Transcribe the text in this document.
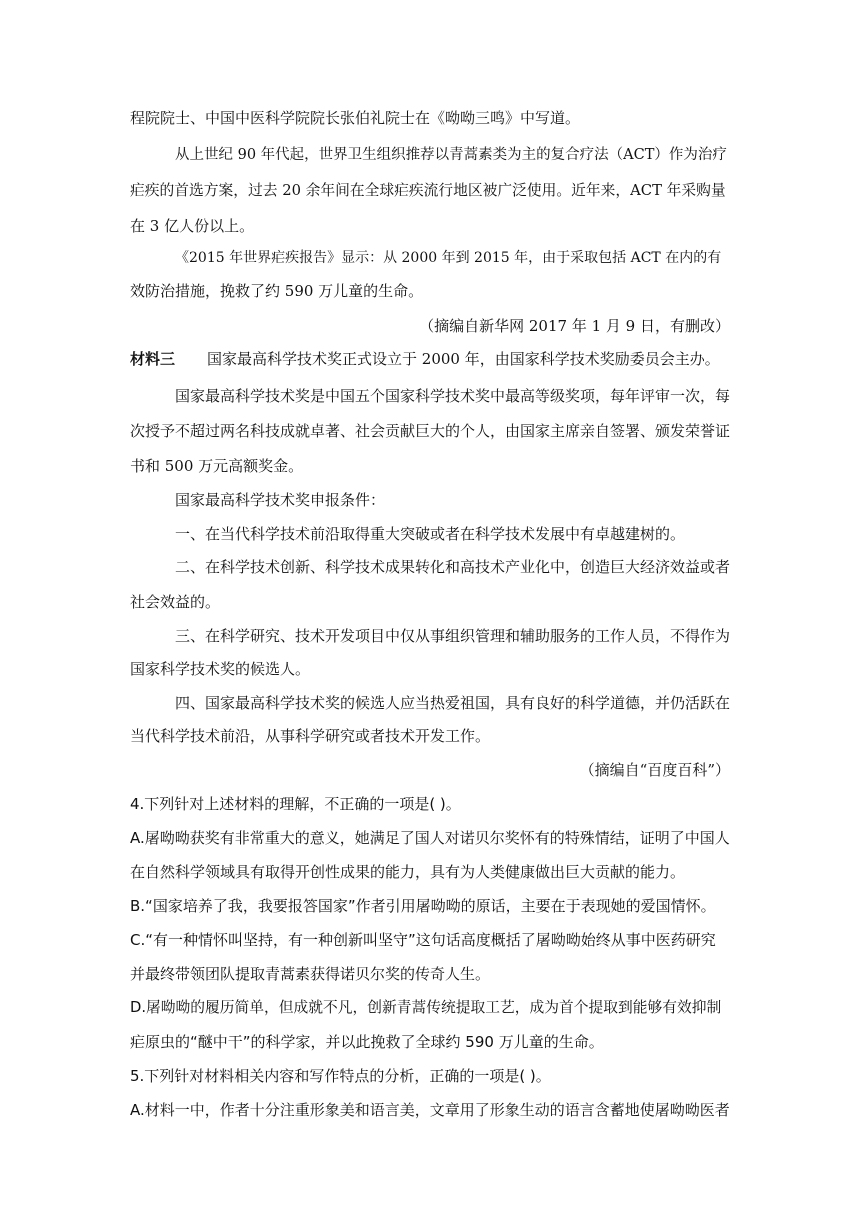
程院院士、中国中医科学院院长张伯礼院士在《呦呦三鸣》中写道。
从上世纪 90 年代起，世界卫生组织推荐以青蒿素类为主的复合疗法（ACT）作为治疗
疟疾的首选方案，过去 20 余年间在全球疟疾流行地区被广泛使用。近年来，ACT 年采购量
在 3 亿人份以上。
《2015 年世界疟疾报告》显示：从 2000 年到 2015 年，由于采取包括 ACT 在内的有
效防治措施，挽救了约 590 万儿童的生命。
（摘编自新华网 2017 年 1 月 9 日，有删改）
材料三	国家最高科学技术奖正式设立于 2000 年，由国家科学技术奖励委员会主办。
国家最高科学技术奖是中国五个国家科学技术奖中最高等级奖项，每年评审一次，每
次授予不超过两名科技成就卓著、社会贡献巨大的个人，由国家主席亲自签署、颁发荣誉证
书和 500 万元高额奖金。
国家最高科学技术奖申报条件：
一、在当代科学技术前沿取得重大突破或者在科学技术发展中有卓越建树的。
二、在科学技术创新、科学技术成果转化和高技术产业化中，创造巨大经济效益或者
社会效益的。
三、在科学研究、技术开发项目中仅从事组织管理和辅助服务的工作人员，不得作为
国家科学技术奖的候选人。
四、国家最高科学技术奖的候选人应当热爱祖国，具有良好的科学道德，并仍活跃在
当代科学技术前沿，从事科学研究或者技术开发工作。
（摘编自“百度百科”）
4.下列针对上述材料的理解，不正确的一项是( )。
A.屠呦呦获奖有非常重大的意义，她满足了国人对诺贝尔奖怀有的特殊情结，证明了中国人
在自然科学领域具有取得开创性成果的能力，具有为人类健康做出巨大贡献的能力。
B.“国家培养了我，我要报答国家”作者引用屠呦呦的原话，主要在于表现她的爱国情怀。
C.“有一种情怀叫坚持，有一种创新叫坚守”这句话高度概括了屠呦呦始终从事中医药研究
并最终带领团队提取青蒿素获得诺贝尔奖的传奇人生。
D.屠呦呦的履历简单，但成就不凡，创新青蒿传统提取工艺，成为首个提取到能够有效抑制
疟原虫的“醚中干”的科学家，并以此挽救了全球约 590 万儿童的生命。
5.下列针对材料相关内容和写作特点的分析，正确的一项是( )。
A.材料一中，作者十分注重形象美和语言美，文章用了形象生动的语言含蓄地使屠呦呦医者
